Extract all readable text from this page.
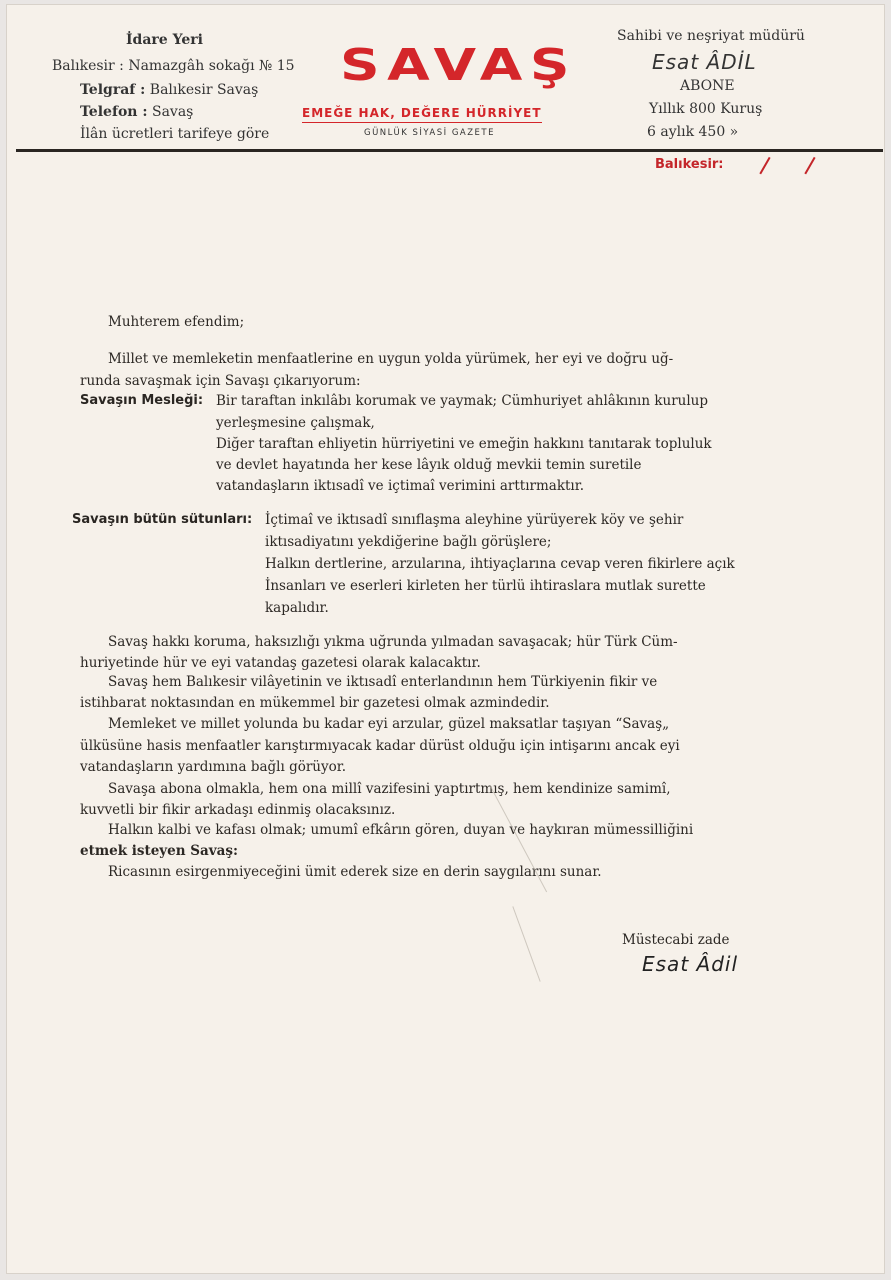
İdare Yeri
Balıkesir : Namazgâh sokağı № 15
Telgraf : Balıkesir Savaş
Telefon : Savaş
İlân ücretleri tarifeye göre
SAVAŞ
EMEĞE HAK, DEĞERE HÜRRİYET
GÜNLÜK SİYASİ GAZETE
Sahibi ve neşriyat müdürü
Esat ÂDİL
ABONE
Yıllık 800 Kuruş
6 aylık 450 »
Balıkesir:
Muhterem efendim;
Millet ve memleketin menfaatlerine en uygun yolda yürümek, her eyi ve doğru uğ-
runda savaşmak için Savaşı çıkarıyorum:
Savaşın Mesleği: Bir taraftan inkılâbı korumak ve yaymak; Cümhuriyet ahlâkının kurulup
yerleşmesine çalışmak,
Diğer taraftan ehliyetin hürriyetini ve emeğin hakkını tanıtarak topluluk
ve devlet hayatında her kese lâyık olduğ mevkii temin suretile
vatandaşların iktısadî ve içtimaî verimini arttırmaktır.
Savaşın bütün sütunları: İçtimaî ve iktısadî sınıflaşma aleyhine yürüyerek köy ve şehir
iktısadiyatını yekdiğerine bağlı görüşlere;
Halkın dertlerine, arzularına, ihtiyaçlarına cevap veren fikirlere açık
İnsanları ve eserleri kirleten her türlü ihtiraslara mutlak surette
kapalıdır.
Savaş hakkı koruma, haksızlığı yıkma uğrunda yılmadan savaşacak; hür Türk Cüm-
huriyetinde hür ve eyi vatandaş gazetesi olarak kalacaktır.
Savaş hem Balıkesir vilâyetinin ve iktısadî enterlandının hem Türkiyenin fikir ve
istihbarat noktasından en mükemmel bir gazetesi olmak azmindedir.
Memleket ve millet yolunda bu kadar eyi arzular, güzel maksatlar taşıyan “Savaş„
ülküsüne hasis menfaatler karıştırmıyacak kadar dürüst olduğu için intişarını ancak eyi
vatandaşların yardımına bağlı görüyor.
Savaşa abona olmakla, hem ona millî vazifesini yaptırtmış, hem kendinize samimî,
kuvvetli bir fikir arkadaşı edinmiş olacaksınız.
Halkın kalbi ve kafası olmak; umumî efkârın gören, duyan ve haykıran mümessilliğini
etmek isteyen Savaş:
Ricasının esirgenmiyeceğini ümit ederek size en derin saygılarını sunar.
Müstecabi zade
Esat Âdil
